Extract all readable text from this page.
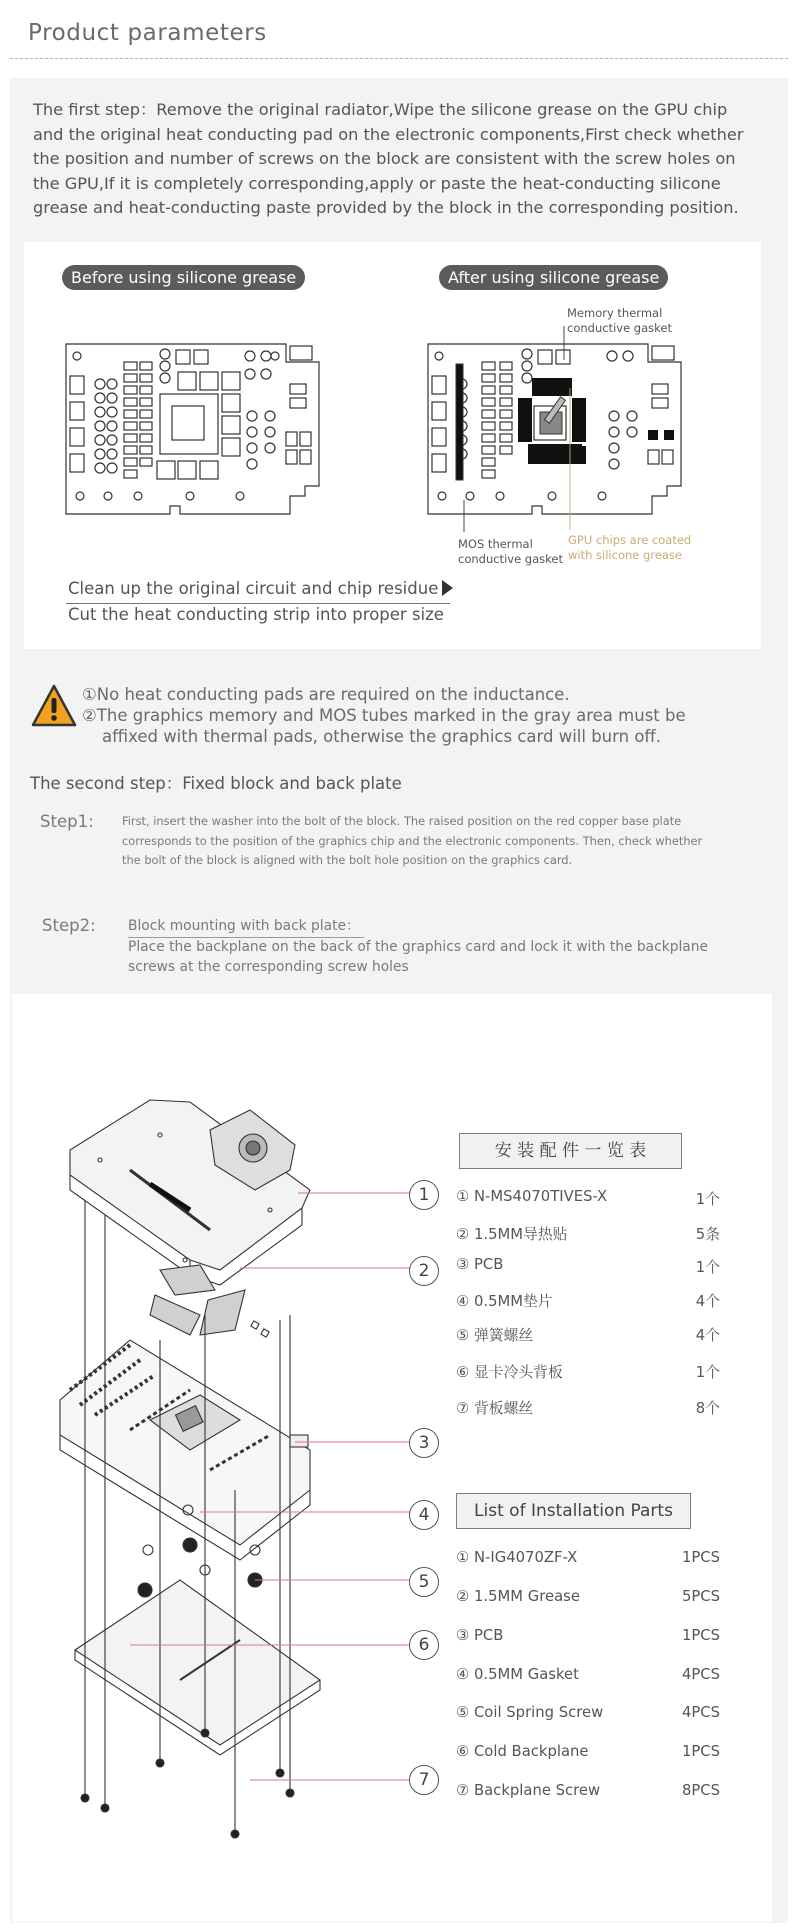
Product parameters
The first step：Remove the original radiator,Wipe the silicone grease on the GPU chip and the original heat conducting pad on the electronic components,First check whether the position and number of screws on the block are consistent with the screw holes on the GPU,If it is completely corresponding,apply or paste the heat-conducting silicone grease and heat-conducting paste provided by the block in the corresponding position.
Before using silicone grease	After using silicone grease
Memory thermal
conductive gasket
MOS thermal
conductive gasket
GPU chips are coated
with silicone grease
Clean up the original circuit and chip residue
Cut the heat conducting strip into proper size
①No heat conducting pads are required on the inductance.
②The graphics memory and MOS tubes marked in the gray area must be
affixed with thermal pads, otherwise the graphics card will burn off.
The second step：Fixed block and back plate
Step1: First, insert the washer into the bolt of the block. The raised position on the red copper base plate corresponds to the position of the graphics chip and the electronic components. Then, check whether the bolt of the block is aligned with the bolt hole position on the graphics card.
Step2: Block mounting with back plate：
Place the backplane on the back of the graphics card and lock it with the backplane screws at the corresponding screw holes
1
2
3
4
5
6
7
安 装 配 件 一 览 表
① N-MS4070TIVES-X	1个
② 1.5MM导热贴	5条
③ PCB	1个
④ 0.5MM垫片	4个
⑤ 弹簧螺丝	4个
⑥ 显卡冷头背板	1个
⑦ 背板螺丝	8个
List of Installation Parts
① N-IG4070ZF-X	1PCS
② 1.5MM Grease	5PCS
③ PCB	1PCS
④ 0.5MM Gasket	4PCS
⑤ Coil Spring Screw	4PCS
⑥ Cold Backplane	1PCS
⑦ Backplane Screw	8PCS
